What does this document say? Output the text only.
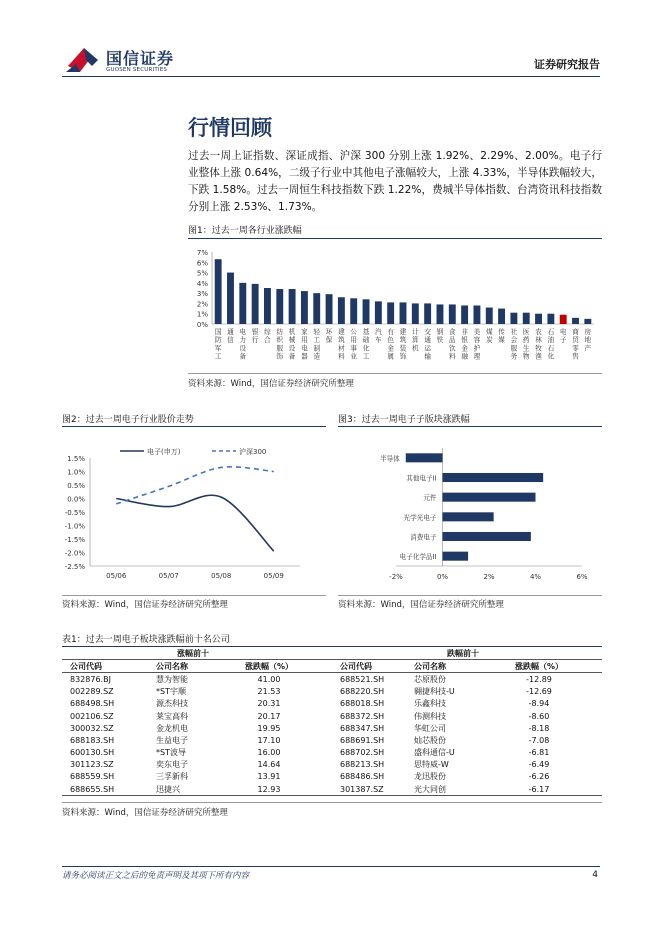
国信证券
GUOSEN SECURITIES	证券研究报告
行情回顾
过去一周上证指数、深证成指、沪深 300 分别上涨 1.92%、2.29%、2.00%。电子行业整体上涨 0.64%，二级子行业中其他电子涨幅较大，上涨 4.33%，半导体跌幅较大，下跌 1.58%。过去一周恒生科技指数下跌 1.22%，费城半导体指数、台湾资讯科技指数分别上涨 2.53%、1.73%。
图1：过去一周各行业涨跌幅
0%
1%
2%
3%
4%
5%
6%
7%
国防军工
通信
电力设备
银行
综合
纺织服饰
机械设备
家用电器
轻工制造
环保
建筑材料
公用事业
基础化工
汽车
有色金属
建筑装饰
计算机
交通运输
钢铁
食品饮料
非银金融
美容护理
煤炭
传媒
社会服务
医药生物
农林牧渔
石油石化
电子
商贸零售
房地产
资料来源：Wind，国信证券经济研究所整理
图2：过去一周电子行业股价走势
-2.5%
-2.0%
-1.5%
-1.0%
-0.5%
0.0%
0.5%
1.0%
1.5%
05/06	05/07	05/08	05/09
电子(申万)	沪深300
资料来源：Wind，国信证券经济研究所整理
图3：过去一周电子子版块涨跌幅
-2%	0%	2%	4%	6%
半导体
其他电子II
元件
光学光电子
消费电子
电子化学品II
资料来源：Wind，国信证券经济研究所整理
表1：过去一周电子板块涨跌幅前十名公司
涨幅前十			跌幅前十		
公司代码	公司名称	涨跌幅（%）	公司代码	公司名称	涨跌幅（%）
832876.BJ	慧为智能	41.00	688521.SH	芯原股份	-12.89
002289.SZ	*ST宇顺	21.53	688220.SH	翱捷科技-U	-12.69
688498.SH	源杰科技	20.31	688018.SH	乐鑫科技	-8.94
002106.SZ	莱宝高科	20.17	688372.SH	伟测科技	-8.60
300032.SZ	金龙机电	19.95	688347.SH	华虹公司	-8.18
688183.SH	生益电子	17.10	688691.SH	灿芯股份	-7.08
600130.SH	*ST波导	16.00	688702.SH	盛科通信-U	-6.81
301123.SZ	奕东电子	14.64	688213.SH	思特威-W	-6.49
688559.SH	三孚新科	13.91	688486.SH	龙迅股份	-6.26
688655.SH	迅捷兴	12.93	301387.SZ	光大同创	-6.17
资料来源：Wind，国信证券经济研究所整理
请务必阅读正文之后的免责声明及其项下所有内容	4
